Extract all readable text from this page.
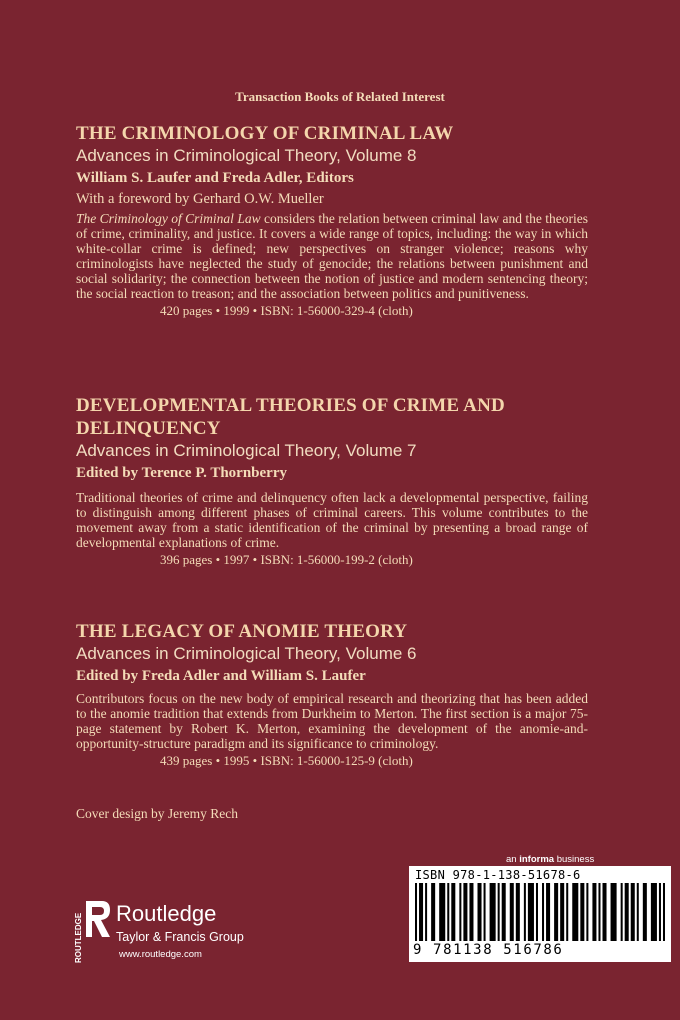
Transaction Books of Related Interest
THE CRIMINOLOGY OF CRIMINAL LAW
Advances in Criminological Theory, Volume 8
William S. Laufer and Freda Adler, Editors
With a foreword by Gerhard O.W. Mueller
The Criminology of Criminal Law considers the relation between criminal law and the theories of crime, criminality, and justice. It covers a wide range of topics, including: the way in which white-collar crime is defined; new perspectives on stranger violence; reasons why criminologists have neglected the study of genocide; the relations between punishment and social solidarity; the connection between the notion of justice and modern sentencing theory; the social reaction to treason; and the association between politics and punitiveness.
420 pages • 1999 • ISBN: 1-56000-329-4 (cloth)
DEVELOPMENTAL THEORIES OF CRIME AND DELINQUENCY
Advances in Criminological Theory, Volume 7
Edited by Terence P. Thornberry
Traditional theories of crime and delinquency often lack a developmental perspective, failing to distinguish among different phases of criminal careers. This volume contributes to the movement away from a static identification of the criminal by presenting a broad range of developmental explanations of crime.
396 pages • 1997 • ISBN: 1-56000-199-2 (cloth)
THE LEGACY OF ANOMIE THEORY
Advances in Criminological Theory, Volume 6
Edited by Freda Adler and William S. Laufer
Contributors focus on the new body of empirical research and theorizing that has been added to the anomie tradition that extends from Durkheim to Merton. The first section is a major 75-page statement by Robert K. Merton, examining the development of the anomie-and-opportunity-structure paradigm and its significance to criminology.
439 pages • 1995 • ISBN: 1-56000-125-9 (cloth)
Cover design by Jeremy Rech
ROUTLEDGE Routledge
Taylor & Francis Group
www.routledge.com
an informa business
ISBN 978-1-138-51678-6
9 781138 516786
